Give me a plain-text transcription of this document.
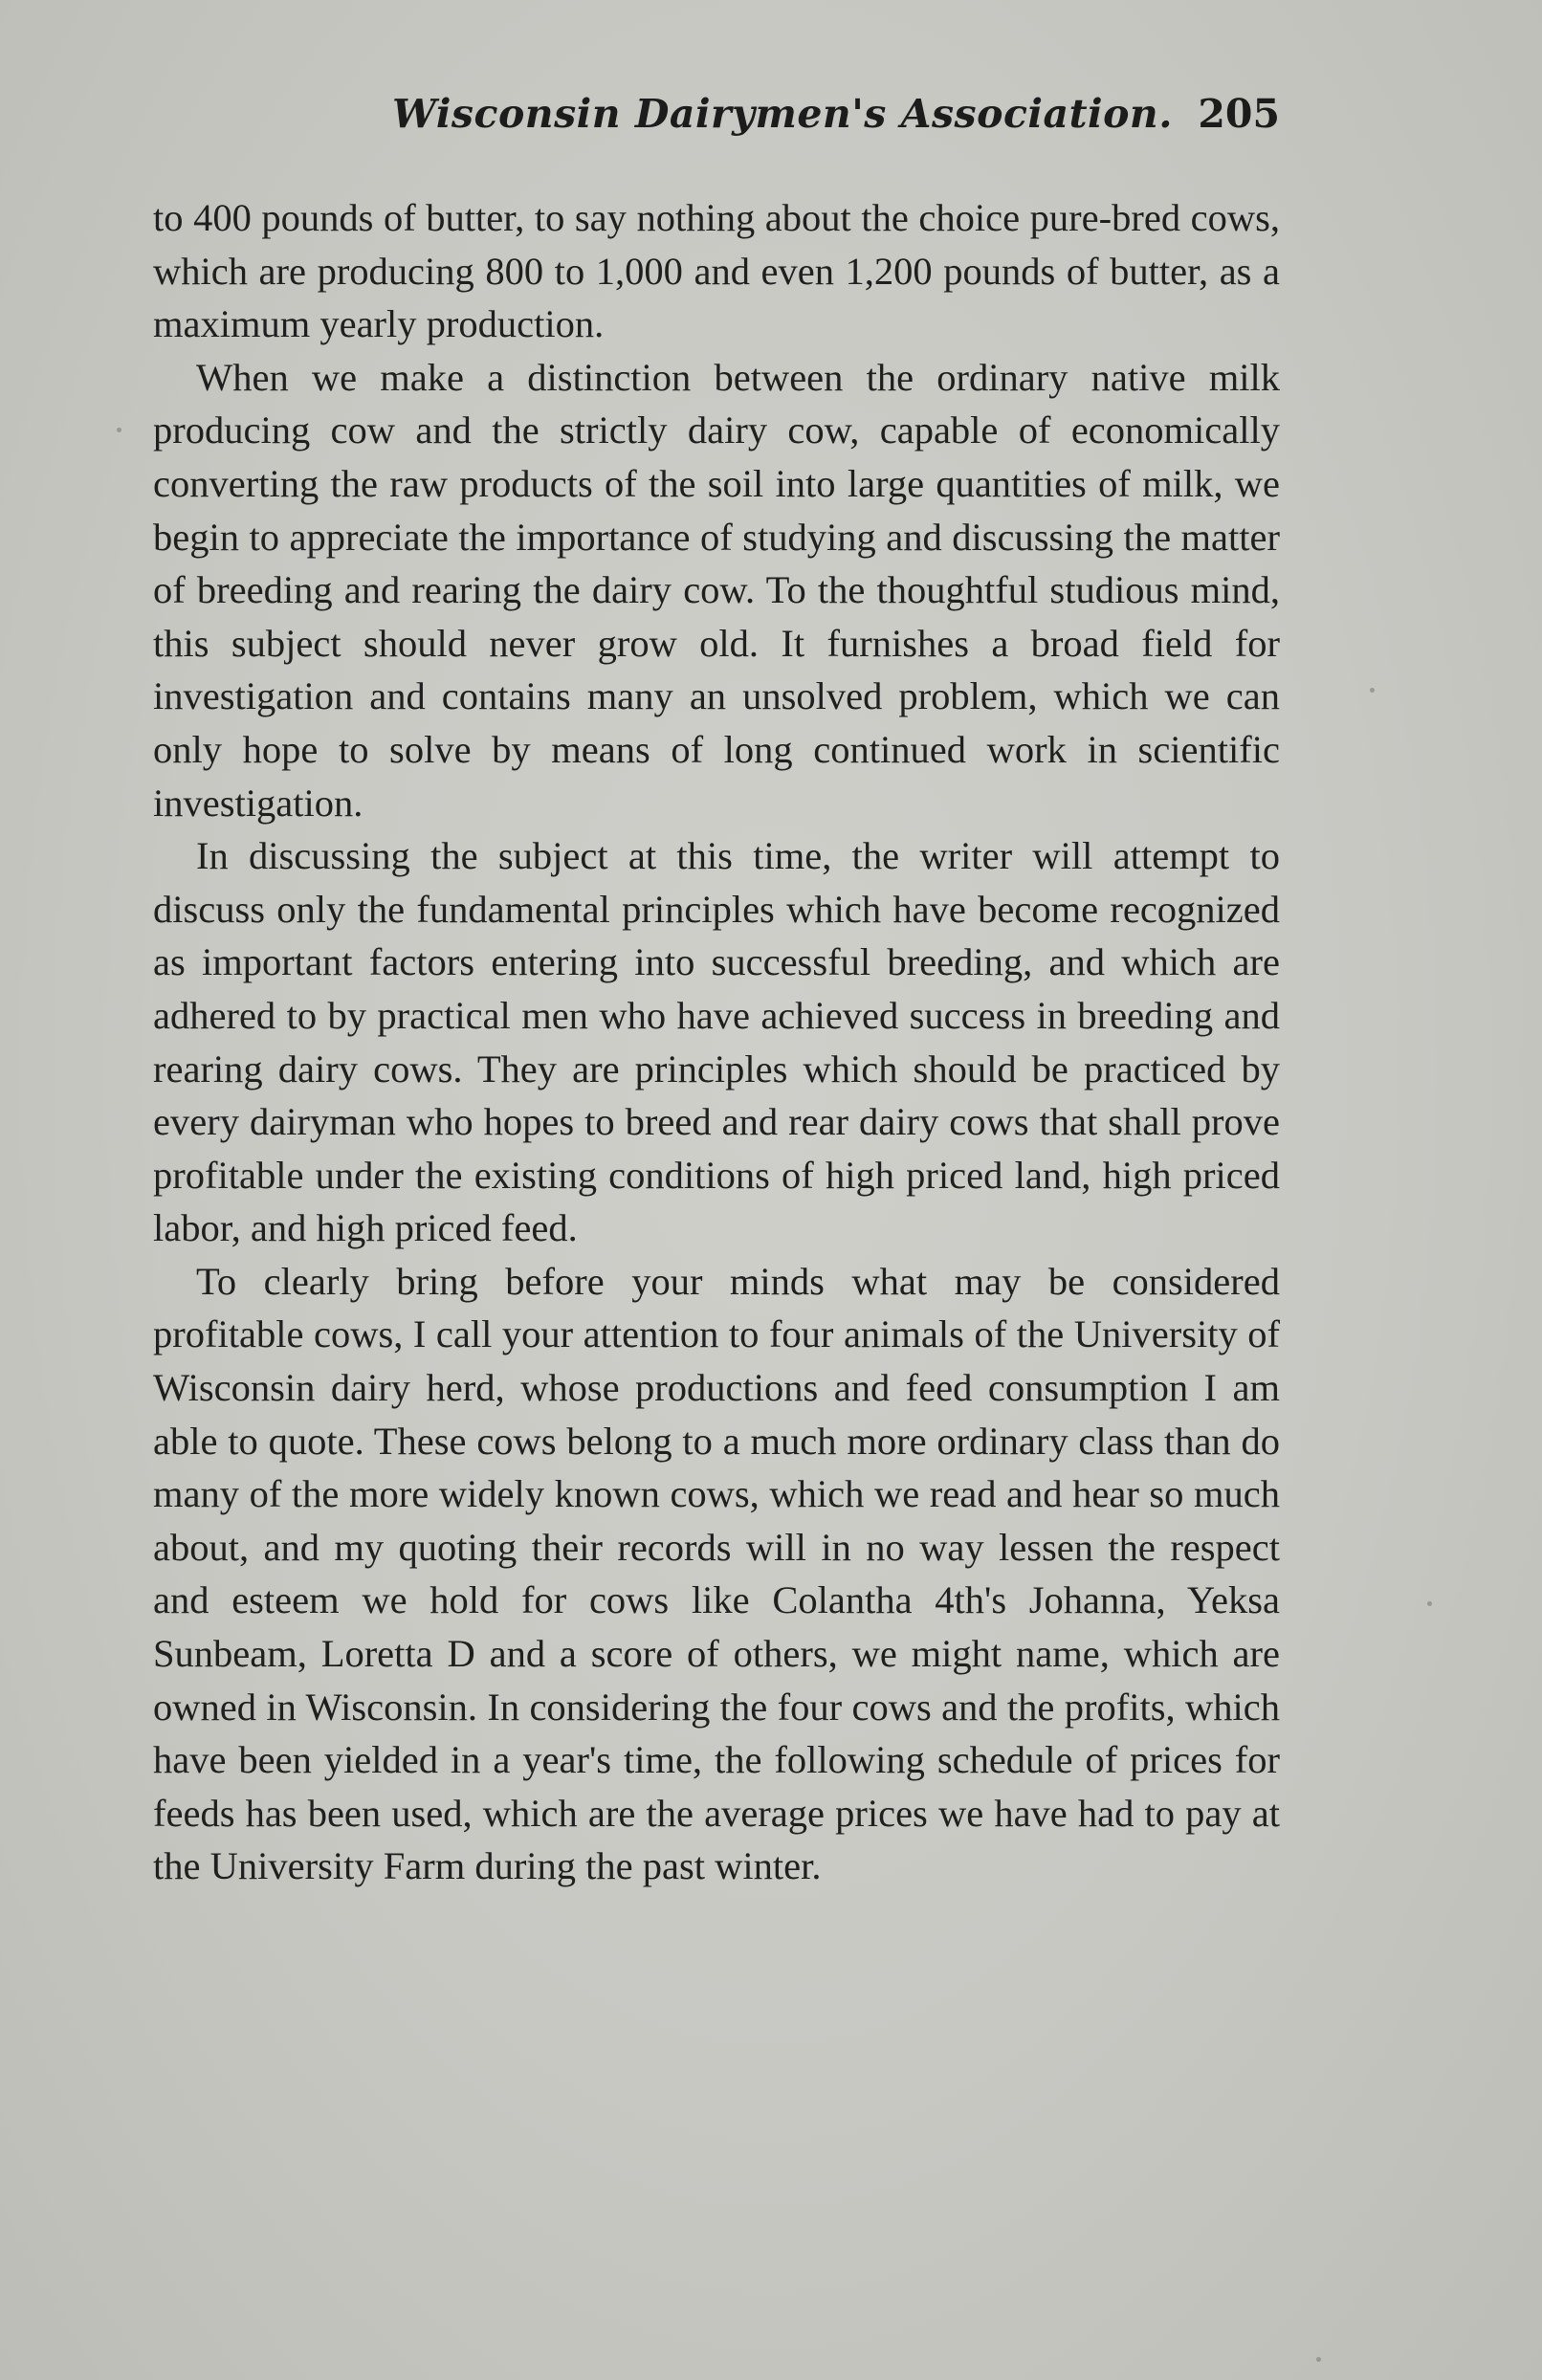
Wisconsin Dairymen's Association. 205

to 400 pounds of butter, to say nothing about the choice pure-bred cows, which are producing 800 to 1,000 and even 1,200 pounds of butter, as a maximum yearly production.

When we make a distinction between the ordinary native milk producing cow and the strictly dairy cow, capable of economically converting the raw products of the soil into large quantities of milk, we begin to appreciate the importance of studying and discussing the matter of breeding and rearing the dairy cow. To the thoughtful studious mind, this subject should never grow old. It furnishes a broad field for investigation and contains many an unsolved problem, which we can only hope to solve by means of long continued work in scientific investigation.

In discussing the subject at this time, the writer will attempt to discuss only the fundamental principles which have become recognized as important factors entering into successful breeding, and which are adhered to by practical men who have achieved success in breeding and rearing dairy cows. They are principles which should be practiced by every dairyman who hopes to breed and rear dairy cows that shall prove profitable under the existing conditions of high priced land, high priced labor, and high priced feed.

To clearly bring before your minds what may be considered profitable cows, I call your attention to four animals of the University of Wisconsin dairy herd, whose productions and feed consumption I am able to quote. These cows belong to a much more ordinary class than do many of the more widely known cows, which we read and hear so much about, and my quoting their records will in no way lessen the respect and esteem we hold for cows like Colantha 4th's Johanna, Yeksa Sunbeam, Loretta D and a score of others, we might name, which are owned in Wisconsin. In considering the four cows and the profits, which have been yielded in a year's time, the following schedule of prices for feeds has been used, which are the average prices we have had to pay at the University Farm during the past winter.
